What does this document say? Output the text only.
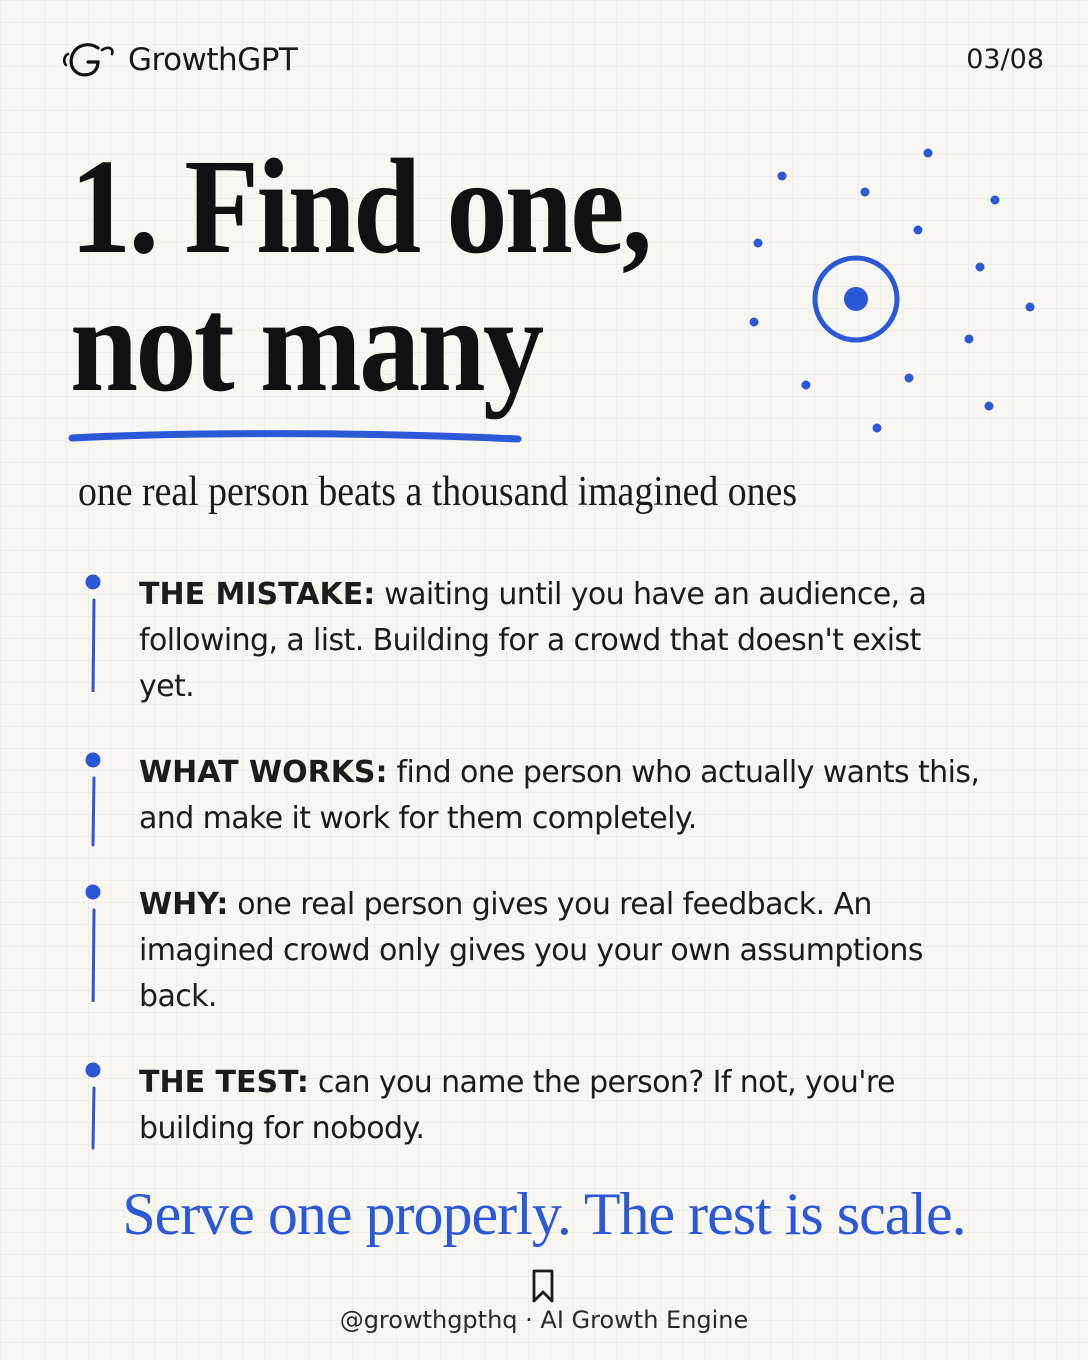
GrowthGPT	03/08
1. Find one,
not many
one real person beats a thousand imagined ones

THE MISTAKE: waiting until you have an audience, a following, a list. Building for a crowd that doesn't exist yet.

WHAT WORKS: find one person who actually wants this, and make it work for them completely.

WHY: one real person gives you real feedback. An imagined crowd only gives you your own assumptions back.

THE TEST: can you name the person? If not, you're building for nobody.

Serve one properly. The rest is scale.
@growthgpthq · AI Growth Engine
